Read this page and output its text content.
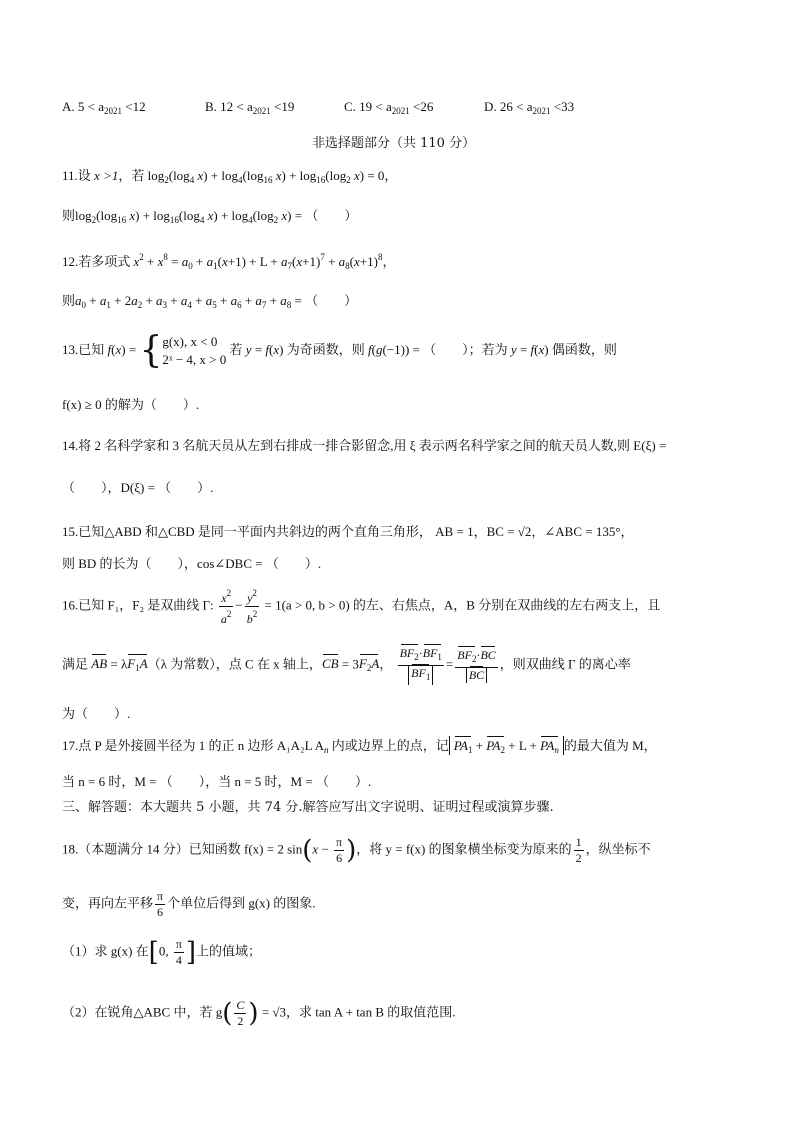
A. $5 < a_{2021} <12$	B. $12 < a_{2021} <19$	C. $19 < a_{2021} <26$	D. $26 < a_{2021} <33$
非选择题部分（共 110 分）
11.设 x >1，若 $\log_2(\log_4$ $x) + \log_4(\log_{16}$ $x) + \log_{16}(\log_2$ x) = 0，
则$\log_2(\log_{16}$ $x) + \log_{16}(\log_4$ $x) + \log_4(\log_2$ x) = （　　）
12.若多项式 $x^2 + x^8 = a_0 + a_1(x+1) + L + a_7(x+1)^7 + a_8(x+1)^8$，
则$a_0 + a_1 + 2a_2 + a_3 + a_4 + a_5 + a_6 + a_7 + a_8$ = （　　）
13.已知 f(x) = { g(x), x < 0
2ˣ − 4, x > 0
若 y = f(x) 为奇函数，则 f(g(−1)) = （　　）；若为 y = f(x) 偶函数，则
f(x) ≥ 0 的解为（　　）.
14.将 2 名科学家和 3 名航天员从左到右排成一排合影留念,用 ξ 表示两名科学家之间的航天员人数,则 E(ξ) =
（　　），D(ξ) = （　　）.
15.已知△ABD 和△CBD 是同一平面内共斜边的两个直角三角形， AB = 1，BC = √2，∠ABC = 135°，
则 BD 的长为（　　），cos∠DBC = （　　）.
16.已知 F₁，F₂ 是双曲线 Γ: $\frac{x^2}{a^2} - \frac{y^2}{b^2} = 1(a > 0$, b > 0) 的左、右焦点，A，B 分别在双曲线的左右两支上，且
满足 AB = $\lambda F_1A(\lambda$ 为常数），点 C 在 x 轴上，CB = $3F_2A$， $\frac{BF_2\cdot BF_1}{BF_1} = \frac{BF_2\cdot BC}{BC}$ ，则双曲线 Γ 的离心率
为（　　）.
17.点 P 是外接圆半径为 1 的正 n 边形 A₁A₂L $A_n$ 内或边界上的点，记 $PA_1 + PA_2 + L + PA_n$ 的最大值为 M，
当 n = 6 时，M = （　　），当 n = 5 时，M = （　　）.
三、解答题：本大题共 5 小题，共 74 分.解答应写出文字说明、证明过程或演算步骤.
18.（本题满分 14 分）已知函数 f(x) = 2 $\sin(x - \frac{\pi}{6}$ )，将 y = f(x) 的图象横坐标变为原来的 $\frac{1}{2}$ ，纵坐标不
变，再向左平移 $\frac{\pi}{6}$ 个单位后得到 g(x) 的图象.
（1）求 g(x) 在[0, $\frac{\pi}{4}$ ]上的值域；
（2）在锐角△ABC 中，若 $g( \frac{C}{2}$ ) = √3，求 tan A + tan B 的取值范围.
